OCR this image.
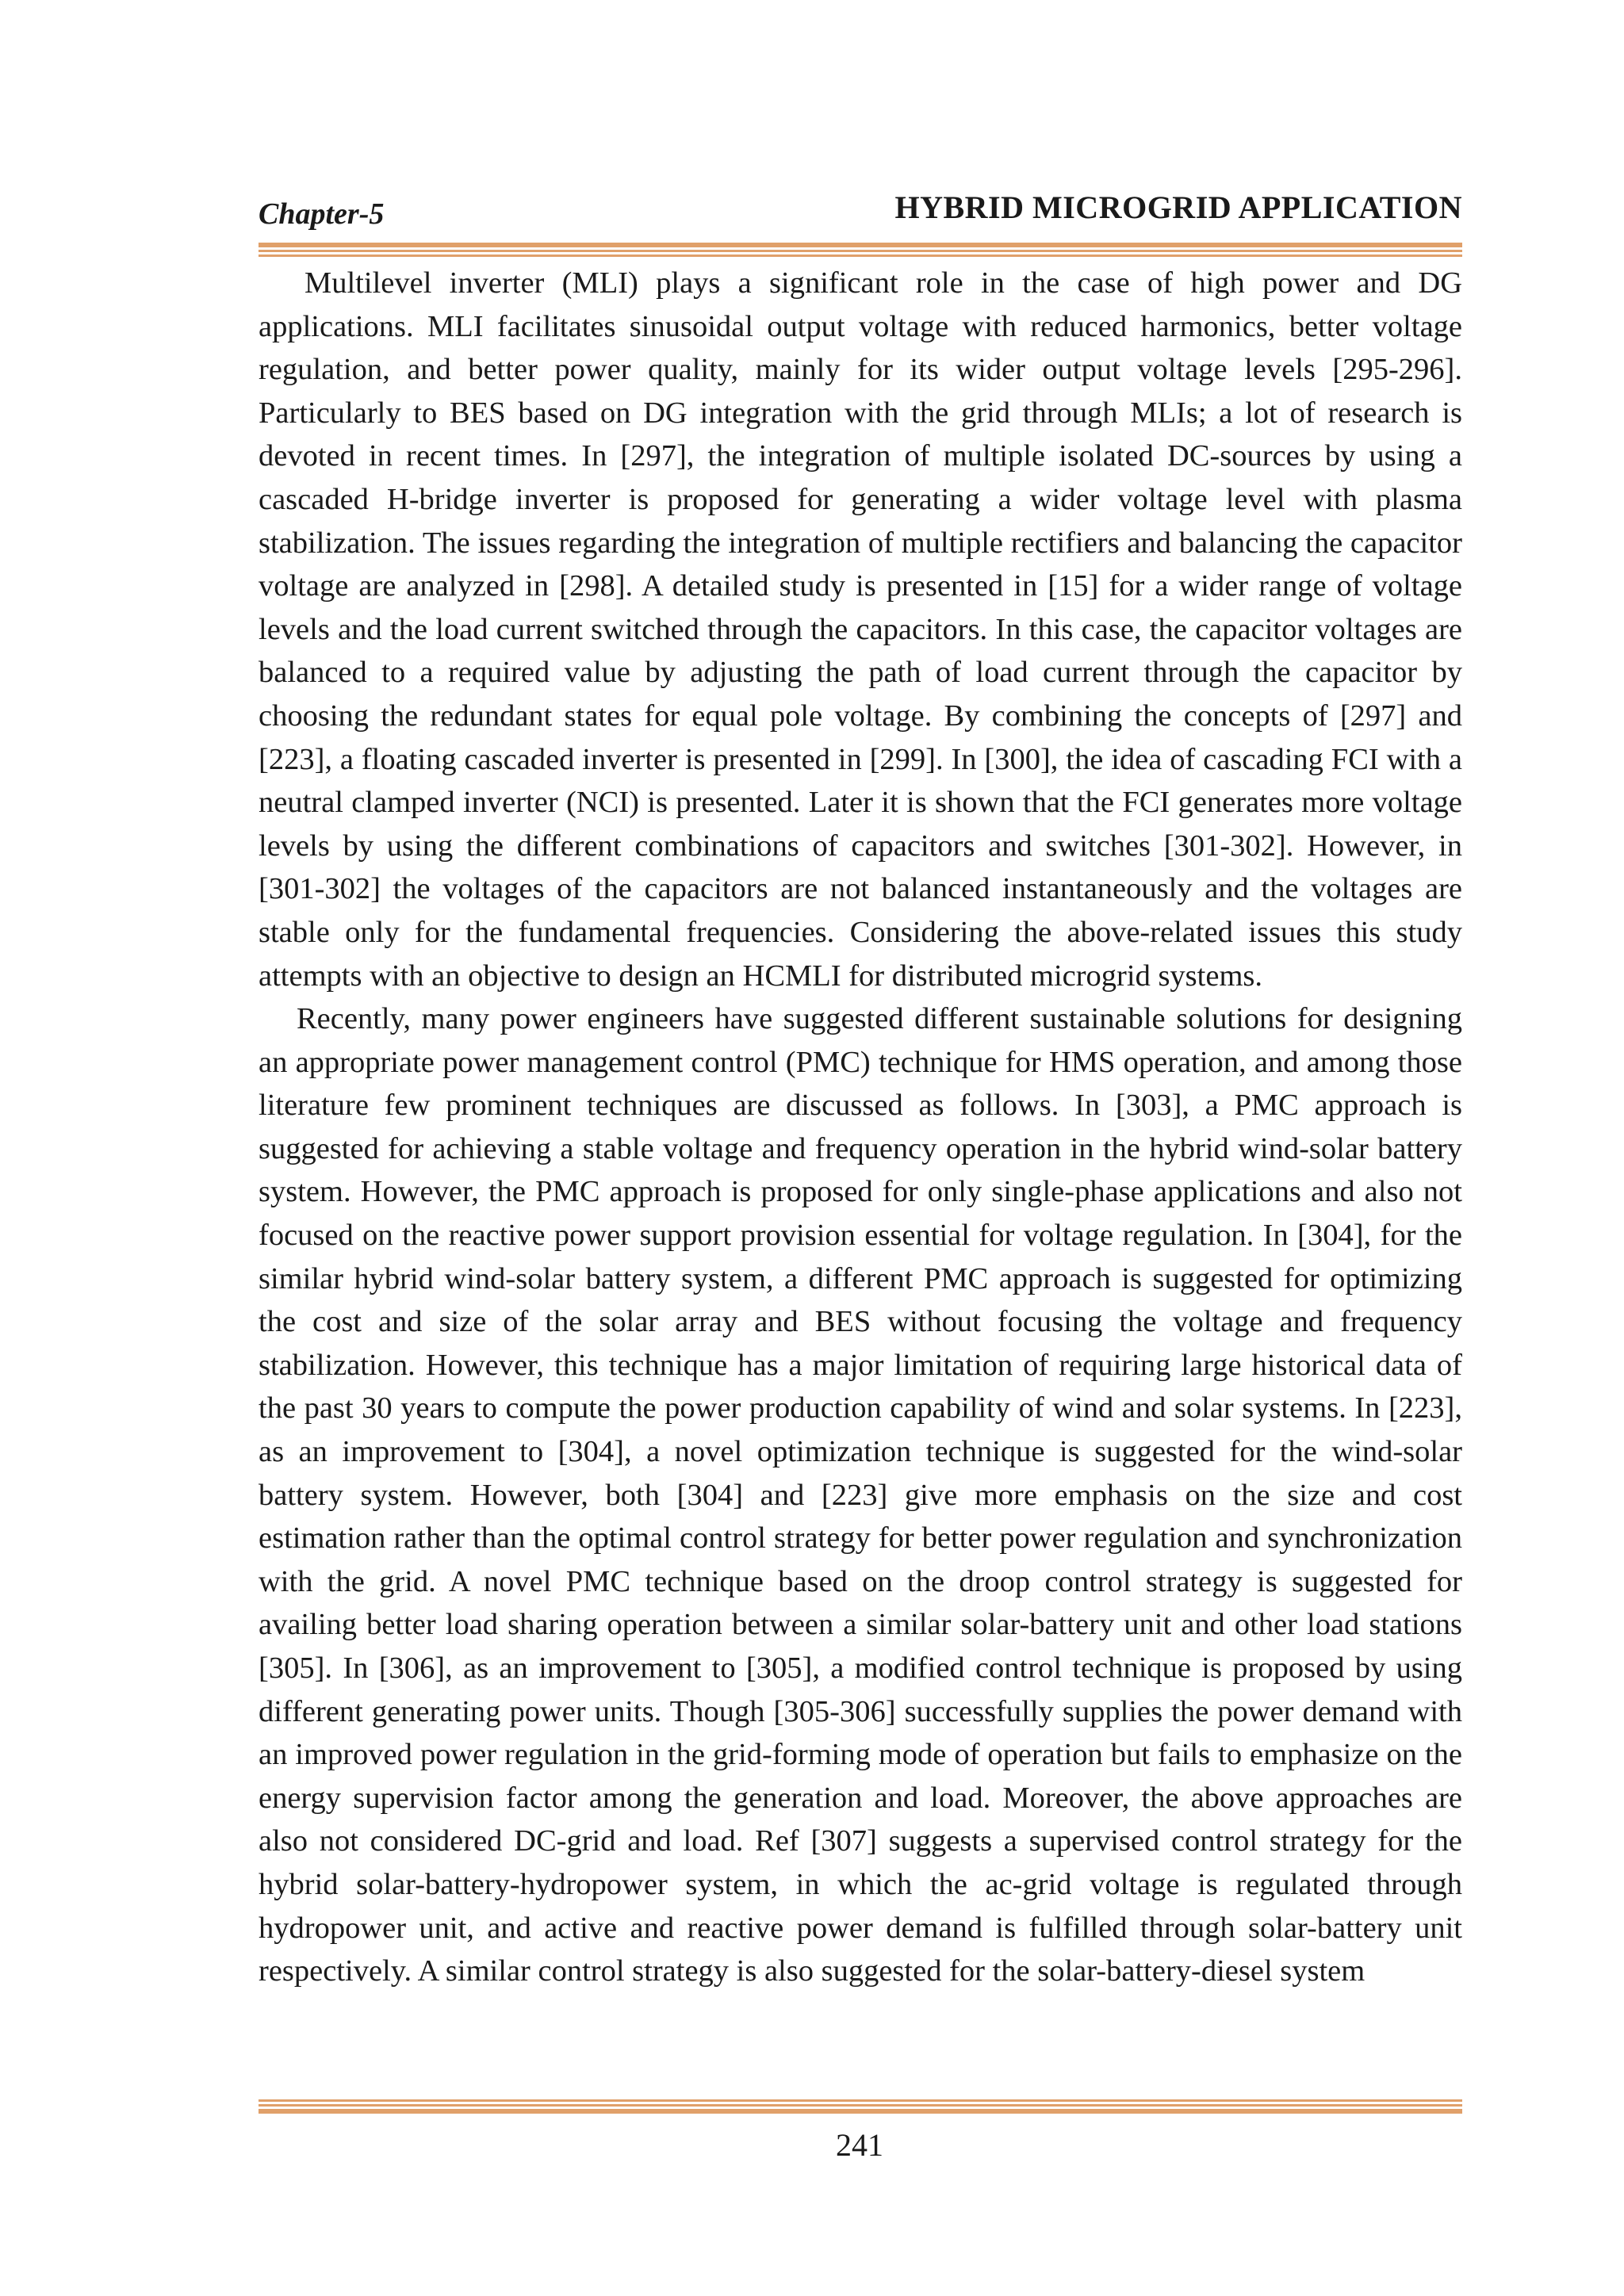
Chapter-5	HYBRID MICROGRID APPLICATION

Multilevel inverter (MLI) plays a significant role in the case of high power and DG applications. MLI facilitates sinusoidal output voltage with reduced harmonics, better voltage regulation, and better power quality, mainly for its wider output voltage levels [295-296]. Particularly to BES based on DG integration with the grid through MLIs; a lot of research is devoted in recent times. In [297], the integration of multiple isolated DC-sources by using a cascaded H-bridge inverter is proposed for generating a wider voltage level with plasma stabilization. The issues regarding the integration of multiple rectifiers and balancing the capacitor voltage are analyzed in [298]. A detailed study is presented in [15] for a wider range of voltage levels and the load current switched through the capacitors. In this case, the capacitor voltages are balanced to a required value by adjusting the path of load current through the capacitor by choosing the redundant states for equal pole voltage. By combining the concepts of [297] and [223], a floating cascaded inverter is presented in [299]. In [300], the idea of cascading FCI with a neutral clamped inverter (NCI) is presented. Later it is shown that the FCI generates more voltage levels by using the different combinations of capacitors and switches [301-302]. However, in [301-302] the voltages of the capacitors are not balanced instantaneously and the voltages are stable only for the fundamental frequencies. Considering the above-related issues this study attempts with an objective to design an HCMLI for distributed microgrid systems.

Recently, many power engineers have suggested different sustainable solutions for designing an appropriate power management control (PMC) technique for HMS operation, and among those literature few prominent techniques are discussed as follows. In [303], a PMC approach is suggested for achieving a stable voltage and frequency operation in the hybrid wind-solar battery system. However, the PMC approach is proposed for only single-phase applications and also not focused on the reactive power support provision essential for voltage regulation. In [304], for the similar hybrid wind-solar battery system, a different PMC approach is suggested for optimizing the cost and size of the solar array and BES without focusing the voltage and frequency stabilization. However, this technique has a major limitation of requiring large historical data of the past 30 years to compute the power production capability of wind and solar systems. In [223], as an improvement to [304], a novel optimization technique is suggested for the wind-solar battery system. However, both [304] and [223] give more emphasis on the size and cost estimation rather than the optimal control strategy for better power regulation and synchronization with the grid. A novel PMC technique based on the droop control strategy is suggested for availing better load sharing operation between a similar solar-battery unit and other load stations [305]. In [306], as an improvement to [305], a modified control technique is proposed by using different generating power units. Though [305-306] successfully supplies the power demand with an improved power regulation in the grid-forming mode of operation but fails to emphasize on the energy supervision factor among the generation and load. Moreover, the above approaches are also not considered DC-grid and load. Ref [307] suggests a supervised control strategy for the hybrid solar-battery-hydropower system, in which the ac-grid voltage is regulated through hydropower unit, and active and reactive power demand is fulfilled through solar-battery unit respectively. A similar control strategy is also suggested for the solar-battery-diesel system

241
